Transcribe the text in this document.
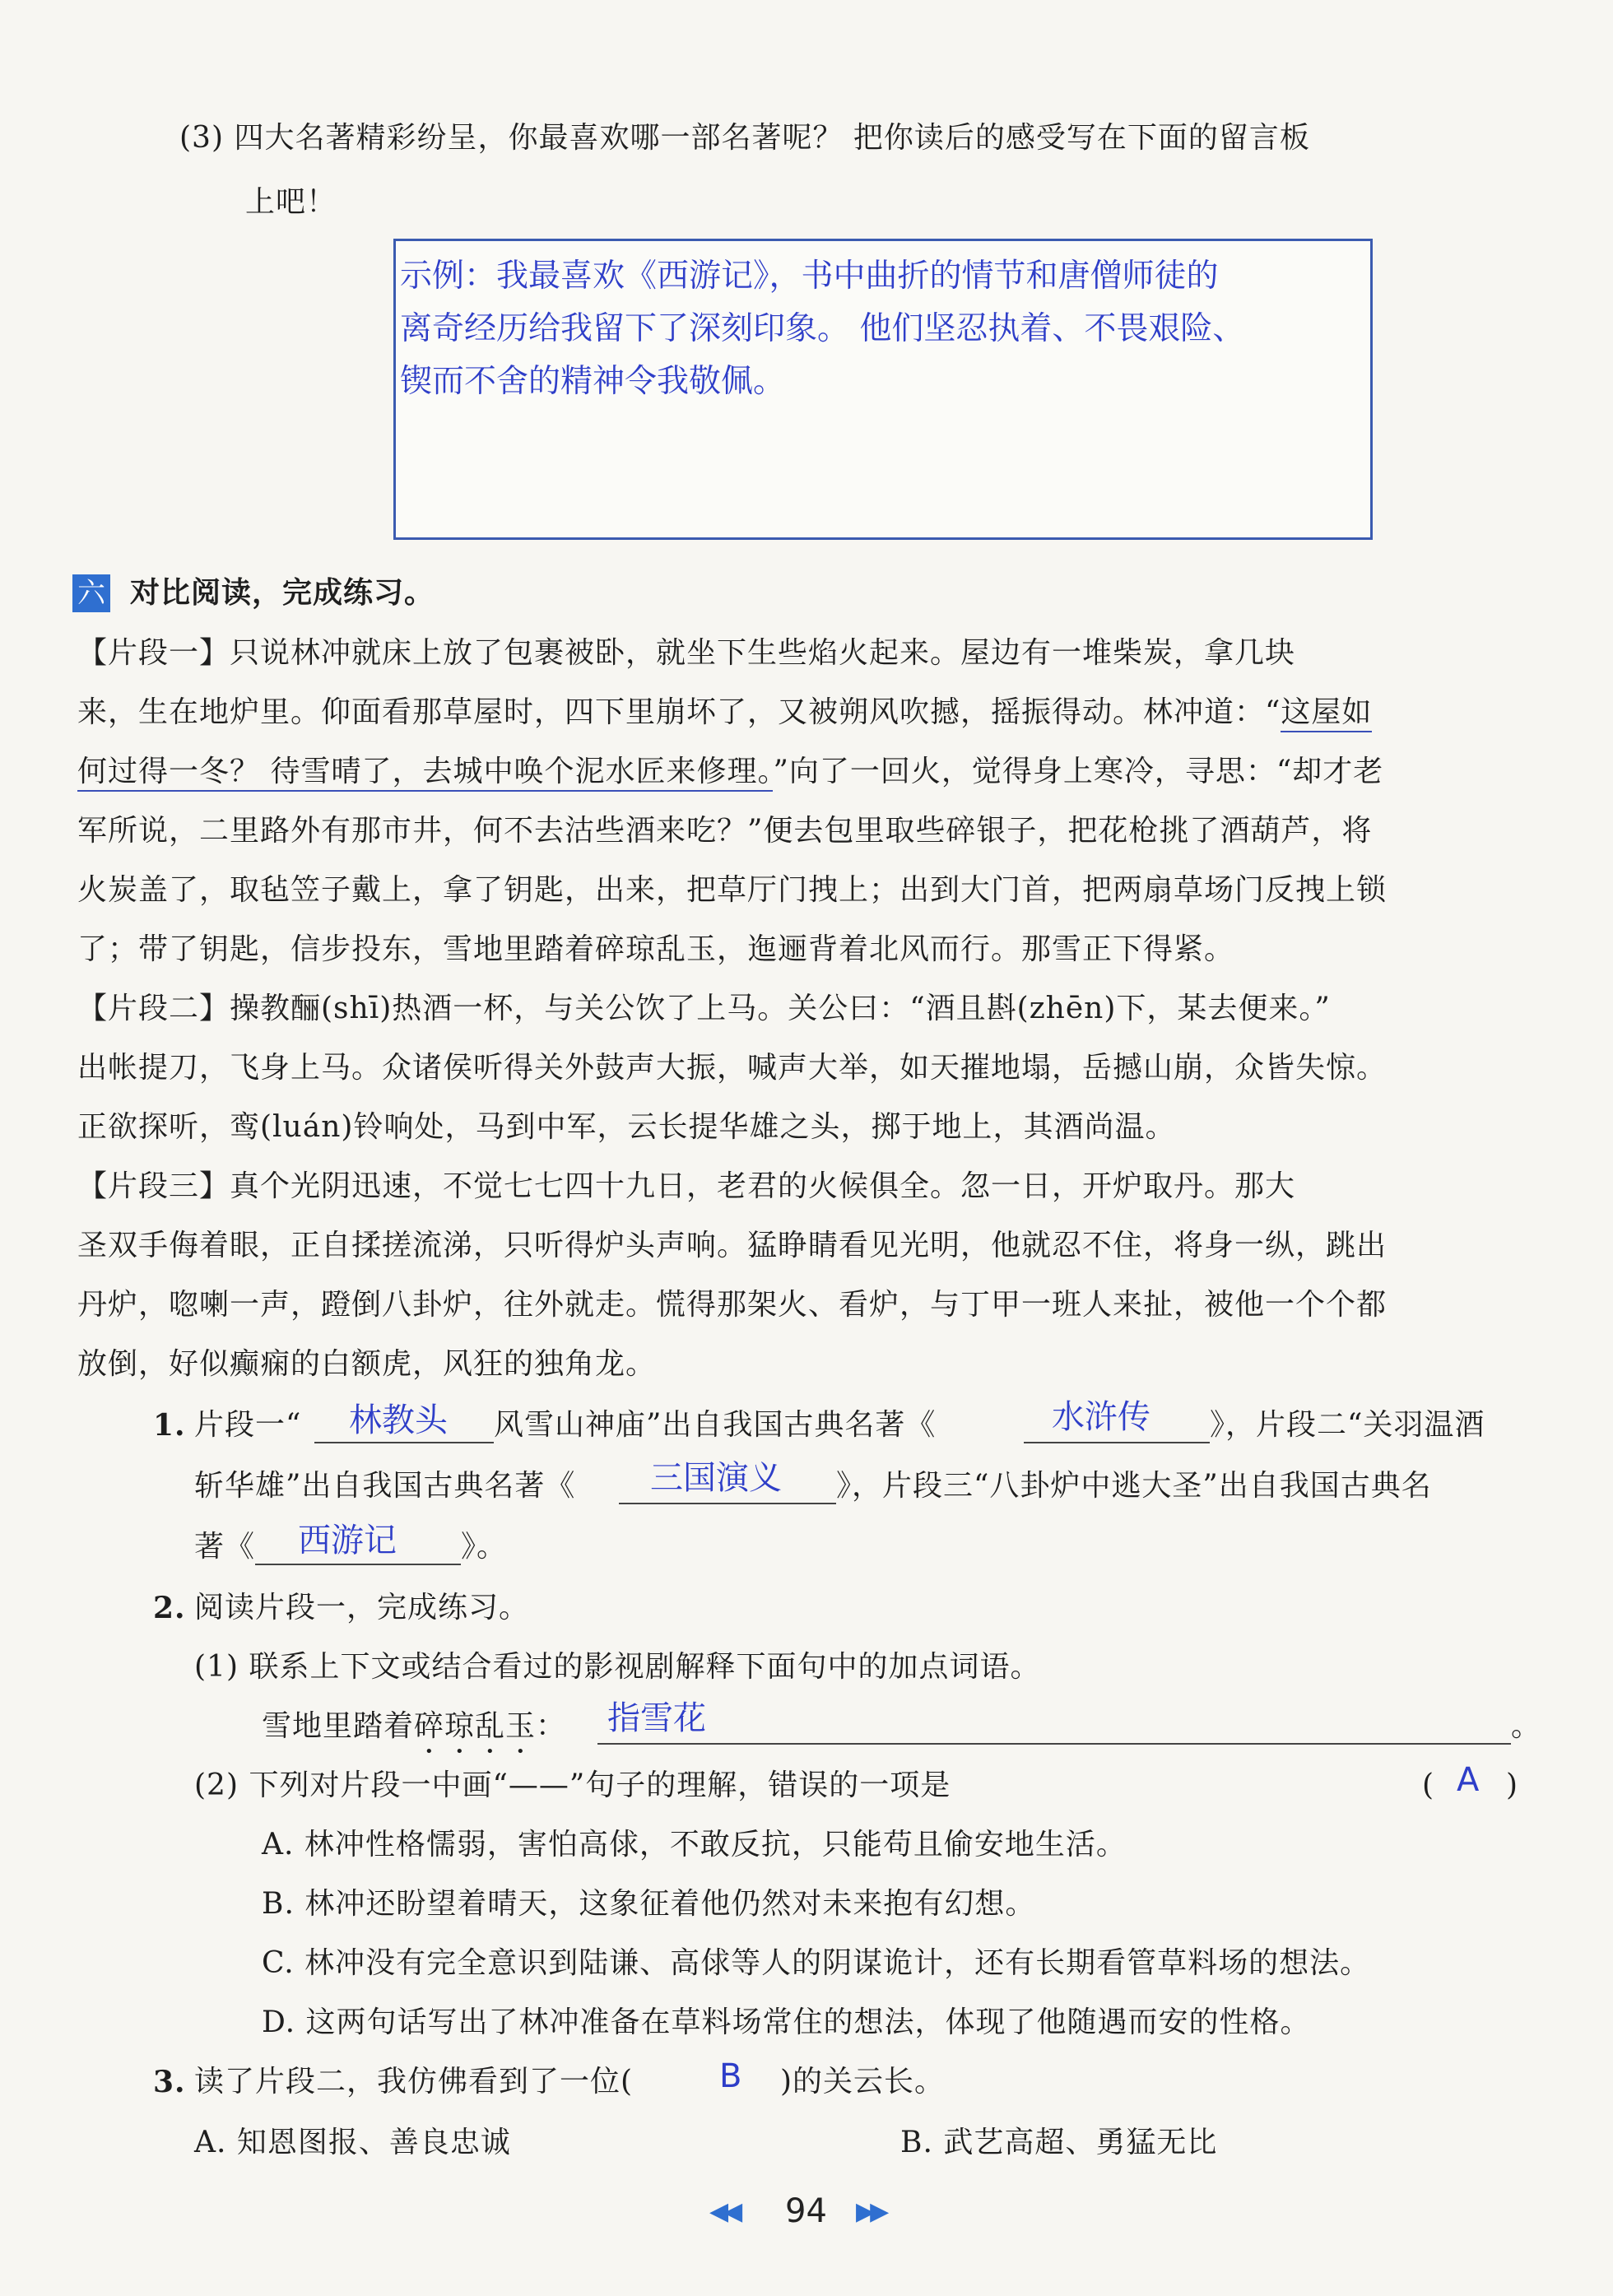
(3) 四大名著精彩纷呈，你最喜欢哪一部名著呢？ 把你读后的感受写在下面的留言板
上吧！
示例：我最喜欢《西游记》，书中曲折的情节和唐僧师徒的
离奇经历给我留下了深刻印象。 他们坚忍执着、不畏艰险、
锲而不舍的精神令我敬佩。
六 对比阅读，完成练习。
【片段一】只说林冲就床上放了包裹被卧，就坐下生些焰火起来。屋边有一堆柴炭，拿几块
来，生在地炉里。仰面看那草屋时，四下里崩坏了，又被朔风吹撼，摇振得动。林冲道：“这屋如
何过得一冬？ 待雪晴了，去城中唤个泥水匠来修理。”向了一回火，觉得身上寒冷，寻思：“却才老
军所说，二里路外有那市井，何不去沽些酒来吃？”便去包里取些碎银子，把花枪挑了酒葫芦，将
火炭盖了，取毡笠子戴上，拿了钥匙，出来，把草厅门拽上；出到大门首，把两扇草场门反拽上锁
了；带了钥匙，信步投东，雪地里踏着碎琼乱玉，迤逦背着北风而行。那雪正下得紧。
【片段二】操教酾(shī)热酒一杯，与关公饮了上马。关公曰：“酒且斟(zhēn)下，某去便来。”
出帐提刀，飞身上马。众诸侯听得关外鼓声大振，喊声大举，如天摧地塌，岳撼山崩，众皆失惊。
正欲探听，鸾(luán)铃响处，马到中军，云长提华雄之头，掷于地上，其酒尚温。
【片段三】真个光阴迅速，不觉七七四十九日，老君的火候俱全。忽一日，开炉取丹。那大
圣双手侮着眼，正自揉搓流涕，只听得炉头声响。猛睁睛看见光明，他就忍不住，将身一纵，跳出
丹炉，唿喇一声，蹬倒八卦炉，往外就走。慌得那架火、看炉，与丁甲一班人来扯，被他一个个都
放倒，好似癫痫的白额虎，风狂的独角龙。
1. 片段一“ 林教头 风雪山神庙”出自我国古典名著《	水浒传 》，片段二“关羽温酒
斩华雄”出自我国古典名著《 三国演义 》，片段三“八卦炉中逃大圣”出自我国古典名
著《 西游记 》。
2. 阅读片段一，完成练习。
(1) 联系上下文或结合看过的影视剧解释下面句中的加点词语。
雪地里踏着碎琼乱玉： 指雪花	。
(2) 下列对片段一中画“——”句子的理解，错误的一项是	( A )
A. 林冲性格懦弱，害怕高俅，不敢反抗，只能苟且偷安地生活。
B. 林冲还盼望着晴天，这象征着他仍然对未来抱有幻想。
C. 林冲没有完全意识到陆谦、高俅等人的阴谋诡计，还有长期看管草料场的想法。
D. 这两句话写出了林冲准备在草料场常住的想法，体现了他随遇而安的性格。
3. 读了片段二，我仿佛看到了一位(	B )的关云长。
A. 知恩图报、善良忠诚	B. 武艺高超、勇猛无比
◀◀ 94 ▶▶
